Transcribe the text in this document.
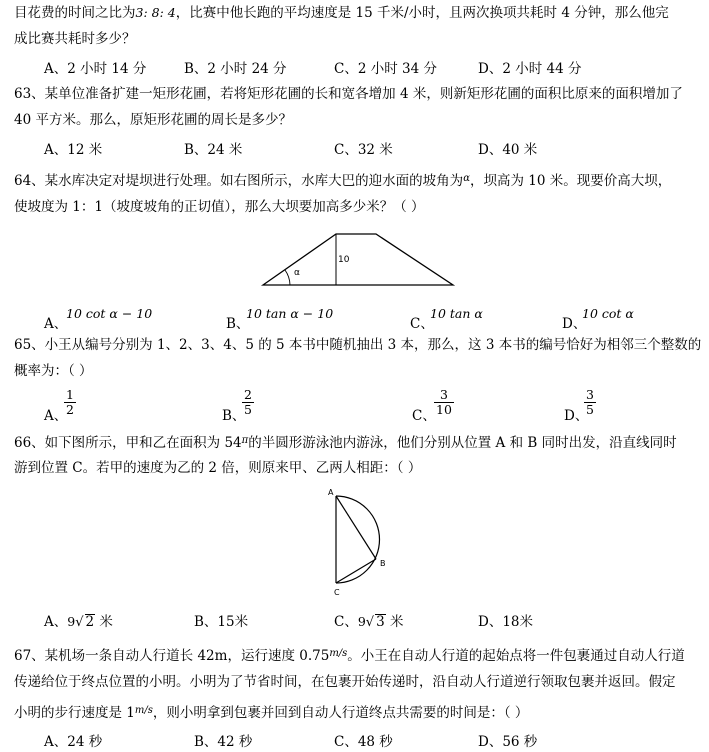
目花费的时间之比为3: 8: 4，比赛中他长跑的平均速度是 15 千米/小时，且两次换项共耗时 4 分钟，那么他完
成比赛共耗时多少？
A、2 小时 14 分	B、2 小时 24 分	C、2 小时 34 分	D、2 小时 44 分
63、某单位准备扩建一矩形花圃，若将矩形花圃的长和宽各增加 4 米，则新矩形花圃的面积比原来的面积增加了
40 平方米。那么，原矩形花圃的周长是多少？
A、12 米	B、24 米	C、32 米	D、40 米
64、某水库决定对堤坝进行处理。如右图所示，水库大巴的迎水面的坡角为$^\alpha$，坝高为 10 米。现要价高大坝，
使坡度为 1：1（坡度坡角的正切值），那么大坝要加高多少米？（ ）
α
10
A、
10 cot α − 10
B、
10 tan α − 10
C、
10 tan α
D、
10 cot α
65、小王从编号分别为 1、2、3、4、5 的 5 本书中随机抽出 3 本，那么，这 3 本书的编号恰好为相邻三个整数的
概率为：（ ）
A、
$\frac{1}{2}$	B、
$\frac{2}{5}$	C、
$\frac{3}{10}$	D、
$\frac{3}{5}$
66、如下图所示，甲和乙在面积为 $54^\pi$的半圆形游泳池内游泳，他们分别从位置 A 和 B 同时出发，沿直线同时
游到位置 C。若甲的速度为乙的 2 倍，则原来甲、乙两人相距：（ ）
A
B
C
A、9√ 2 米	B、15米	C、9√ 3 米	D、18米
67、某机场一条自动人行道长 42m，运行速度 $0.75^{m/s}$。小王在自动人行道的起始点将一件包裹通过自动人行道
传递给位于终点位置的小明。小明为了节省时间，在包裹开始传递时，沿自动人行道逆行领取包裹并返回。假定
小明的步行速度是 $1^{m/s}$，则小明拿到包裹并回到自动人行道终点共需要的时间是：（ ）
A、24 秒	B、42 秒	C、48 秒	D、56 秒
